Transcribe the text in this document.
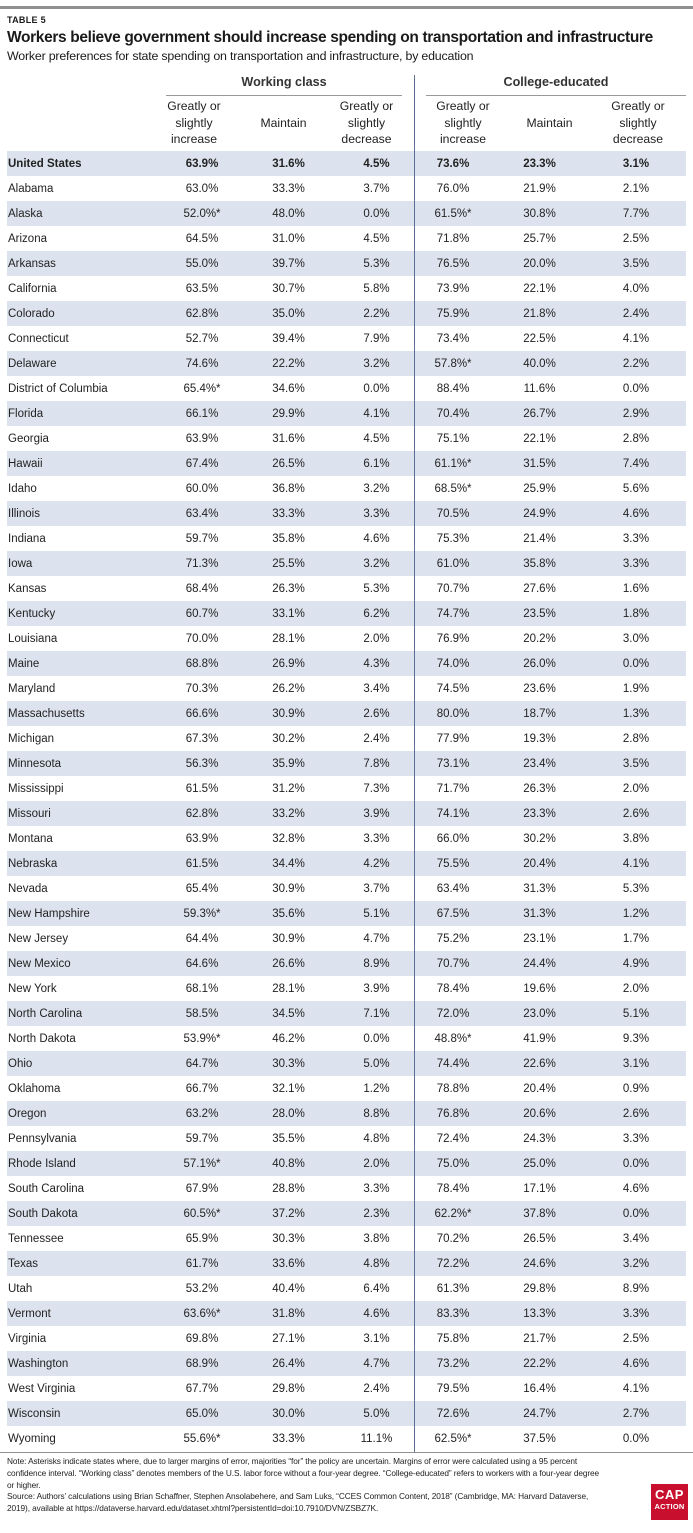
TABLE 5
Workers believe government should increase spending on transportation and infrastructure
Worker preferences for state spending on transportation and infrastructure, by education
Working class	College-educated
Greatly or
slightly
increase
Maintain
Greatly or
slightly
decrease
Greatly or
slightly
increase
Maintain
Greatly or
slightly
decrease
United States	63.9%	31.6%	4.5%	73.6%	23.3%	3.1%
Alabama	63.0%	33.3%	3.7%	76.0%	21.9%	2.1%
Alaska	52.0%*	48.0%	0.0%	61.5%*	30.8%	7.7%
Arizona	64.5%	31.0%	4.5%	71.8%	25.7%	2.5%
Arkansas	55.0%	39.7%	5.3%	76.5%	20.0%	3.5%
California	63.5%	30.7%	5.8%	73.9%	22.1%	4.0%
Colorado	62.8%	35.0%	2.2%	75.9%	21.8%	2.4%
Connecticut	52.7%	39.4%	7.9%	73.4%	22.5%	4.1%
Delaware	74.6%	22.2%	3.2%	57.8%*	40.0%	2.2%
District of Columbia	65.4%*	34.6%	0.0%	88.4%	11.6%	0.0%
Florida	66.1%	29.9%	4.1%	70.4%	26.7%	2.9%
Georgia	63.9%	31.6%	4.5%	75.1%	22.1%	2.8%
Hawaii	67.4%	26.5%	6.1%	61.1%*	31.5%	7.4%
Idaho	60.0%	36.8%	3.2%	68.5%*	25.9%	5.6%
Illinois	63.4%	33.3%	3.3%	70.5%	24.9%	4.6%
Indiana	59.7%	35.8%	4.6%	75.3%	21.4%	3.3%
Iowa	71.3%	25.5%	3.2%	61.0%	35.8%	3.3%
Kansas	68.4%	26.3%	5.3%	70.7%	27.6%	1.6%
Kentucky	60.7%	33.1%	6.2%	74.7%	23.5%	1.8%
Louisiana	70.0%	28.1%	2.0%	76.9%	20.2%	3.0%
Maine	68.8%	26.9%	4.3%	74.0%	26.0%	0.0%
Maryland	70.3%	26.2%	3.4%	74.5%	23.6%	1.9%
Massachusetts	66.6%	30.9%	2.6%	80.0%	18.7%	1.3%
Michigan	67.3%	30.2%	2.4%	77.9%	19.3%	2.8%
Minnesota	56.3%	35.9%	7.8%	73.1%	23.4%	3.5%
Mississippi	61.5%	31.2%	7.3%	71.7%	26.3%	2.0%
Missouri	62.8%	33.2%	3.9%	74.1%	23.3%	2.6%
Montana	63.9%	32.8%	3.3%	66.0%	30.2%	3.8%
Nebraska	61.5%	34.4%	4.2%	75.5%	20.4%	4.1%
Nevada	65.4%	30.9%	3.7%	63.4%	31.3%	5.3%
New Hampshire	59.3%*	35.6%	5.1%	67.5%	31.3%	1.2%
New Jersey	64.4%	30.9%	4.7%	75.2%	23.1%	1.7%
New Mexico	64.6%	26.6%	8.9%	70.7%	24.4%	4.9%
New York	68.1%	28.1%	3.9%	78.4%	19.6%	2.0%
North Carolina	58.5%	34.5%	7.1%	72.0%	23.0%	5.1%
North Dakota	53.9%*	46.2%	0.0%	48.8%*	41.9%	9.3%
Ohio	64.7%	30.3%	5.0%	74.4%	22.6%	3.1%
Oklahoma	66.7%	32.1%	1.2%	78.8%	20.4%	0.9%
Oregon	63.2%	28.0%	8.8%	76.8%	20.6%	2.6%
Pennsylvania	59.7%	35.5%	4.8%	72.4%	24.3%	3.3%
Rhode Island	57.1%*	40.8%	2.0%	75.0%	25.0%	0.0%
South Carolina	67.9%	28.8%	3.3%	78.4%	17.1%	4.6%
South Dakota	60.5%*	37.2%	2.3%	62.2%*	37.8%	0.0%
Tennessee	65.9%	30.3%	3.8%	70.2%	26.5%	3.4%
Texas	61.7%	33.6%	4.8%	72.2%	24.6%	3.2%
Utah	53.2%	40.4%	6.4%	61.3%	29.8%	8.9%
Vermont	63.6%*	31.8%	4.6%	83.3%	13.3%	3.3%
Virginia	69.8%	27.1%	3.1%	75.8%	21.7%	2.5%
Washington	68.9%	26.4%	4.7%	73.2%	22.2%	4.6%
West Virginia	67.7%	29.8%	2.4%	79.5%	16.4%	4.1%
Wisconsin	65.0%	30.0%	5.0%	72.6%	24.7%	2.7%
Wyoming	55.6%*	33.3%	11.1%	62.5%*	37.5%	0.0%

Note: Asterisks indicate states where, due to larger margins of error, majorities “for” the policy are uncertain. Margins of error were calculated using a 95 percent confidence interval. “Working class” denotes members of the U.S. labor force without a four-year degree. “College-educated” refers to workers with a four-year degree or higher.

Source: Authors’ calculations using Brian Schaffner, Stephen Ansolabehere, and Sam Luks, “CCES Common Content, 2018” (Cambridge, MA: Harvard Dataverse, 2019), available at https://dataverse.harvard.edu/dataset.xhtml?persistentId=doi:10.7910/DVN/ZSBZ7K.

CAP
ACTION
